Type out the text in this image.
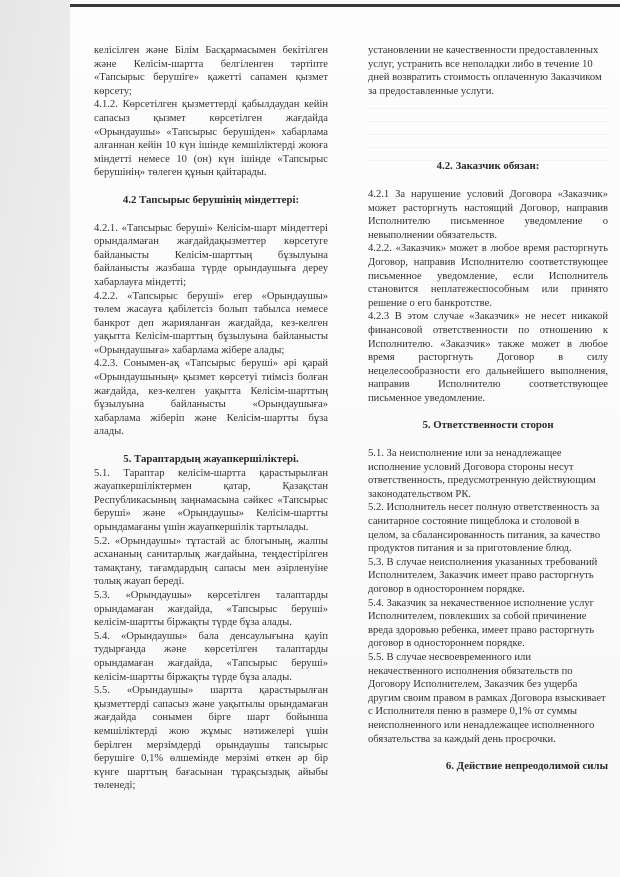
келісілген және Білім Басқармасымен бекітілген және Келісім-шартта белгіленген тәртіпте «Тапсырыс берушіге» қажетті сапамен қызмет көрсету;

4.1.2. Көрсетілген қызметтерді қабылдаудан кейін сапасыз қызмет көрсетілген жағдайда «Орындаушы» «Тапсырыс берушіден» хабарлама алғаннан кейін 10 күн ішінде кемшіліктерді жоюға міндетті немесе 10 (он) күн ішінде «Тапсырыс берушінің» төлеген құнын қайтарады.

4.2 Тапсырыс берушінің міндеттері:

4.2.1. «Тапсырыс беруші» Келісім-шарт міндеттері орындалмаған жағдайдақызметтер көрсетуге байланысты Келісім-шарттың бұзылуына байланысты жазбаша түрде орындаушыға дереу хабарлауға міндетті;

4.2.2. «Тапсырыс беруші» егер «Орындаушы» төлем жасауға қабілетсіз болып табылса немесе банкрот деп жарияланған жағдайда, кез-келген уақытта Келісім-шарттың бұзылуына байланысты «Орындаушыға» хабарлама жібере алады;

4.2.3. Сонымен-ақ «Тапсырыс беруші» әрі қарай «Орындаушының» қызмет көрсетуі тиімсіз болған жағдайда, кез-келген уақытта Келісім-шарттың бұзылуына байланысты «Орындаушыға» хабарлама жіберіп және Келісім-шартты бұза алады.

5. Тараптардың жауапкершіліктері.

5.1. Тараптар келісім-шартта қарастырылған жауапкершіліктермен қатар, Қазақстан Республикасының заңнамасына сәйкес «Тапсырыс беруші» және «Орындаушы» Келісім-шартты орындамағаны үшін жауапкершілік тартылады.

5.2. «Орындаушы» тұтастай ас блогының, жалпы асхананың санитарлық жағдайына, теңдестірілген тамақтану, тағамдардың сапасы мен әзірленуіне толық жауап береді.

5.3. «Орындаушы» көрсетілген талаптарды орындамаған жағдайда, «Тапсырыс беруші» келісім-шартты біржақты түрде бұза алады.

5.4. «Орындаушы» бала денсаулығына қауіп тудырғанда және көрсетілген талаптарды орындамаған жағдайда, «Тапсырыс беруші» келісім-шартты біржақты түрде бұза алады.

5.5. «Орындаушы» шартта қарастырылған қызметтерді сапасыз және уақытылы орындамаған жағдайда сонымен бірге шарт бойынша кемшіліктерді жою жұмыс нәтижелері үшін берілген мерзімдерді орындаушы тапсырыс берушіге 0,1% өлшемінде мерзімі өткен әр бір күнге шарттың бағасынан тұрақсыздық айыбы төленеді;

установлении не качественности предоставленных услуг, устранить все неполадки либо в течение 10 дней возвратить стоимость оплаченную Заказчиком за предоставленные услуги.

4.2. Заказчик обязан:

4.2.1 За нарушение условий Договора «Заказчик» может расторгнуть настоящий Договор, направив Исполнителю письменное уведомление о невыполнении обязательств.

4.2.2. «Заказчик» может в любое время расторгнуть Договор, направив Исполнителю соответствующее письменное уведомление, если Исполнитель становится неплатежеспособным или принято решение о его банкротстве.

4.2.3 В этом случае «Заказчик» не несет никакой финансовой ответственности по отношению к Исполнителю. «Заказчик» также может в любое время расторгнуть Договор в силу нецелесообразности его дальнейшего выполнения, направив Исполнителю соответствующее письменное уведомление.

5. Ответственности сторон

5.1. За неисполнение или за ненадлежащее исполнение условий Договора стороны несут ответственность, предусмотренную действующим законодательством РК.

5.2. Исполнитель несет полную ответственность за санитарное состояние пищеблока и столовой в целом, за сбалансированность питания, за качество продуктов питания и за приготовление блюд.

5.3. В случае неисполнения указанных требований Исполнителем, Заказчик имеет право расторгнуть договор в одностороннем порядке.

5.4. Заказчик за некачественное исполнение услуг Исполнителем, повлекших за собой причинение вреда здоровью ребенка, имеет право расторгнуть договор в одностороннем порядке.

5.5. В случае несвоевременного или некачественного исполнения обязательств по Договору Исполнителем, Заказчик без ущерба другим своим правом в рамках Договора взыскивает с Исполнителя пеню в размере 0,1% от суммы неисполненного или ненадлежащее исполненного обязательства за каждый день просрочки.

6. Действие непреодолимой силы
